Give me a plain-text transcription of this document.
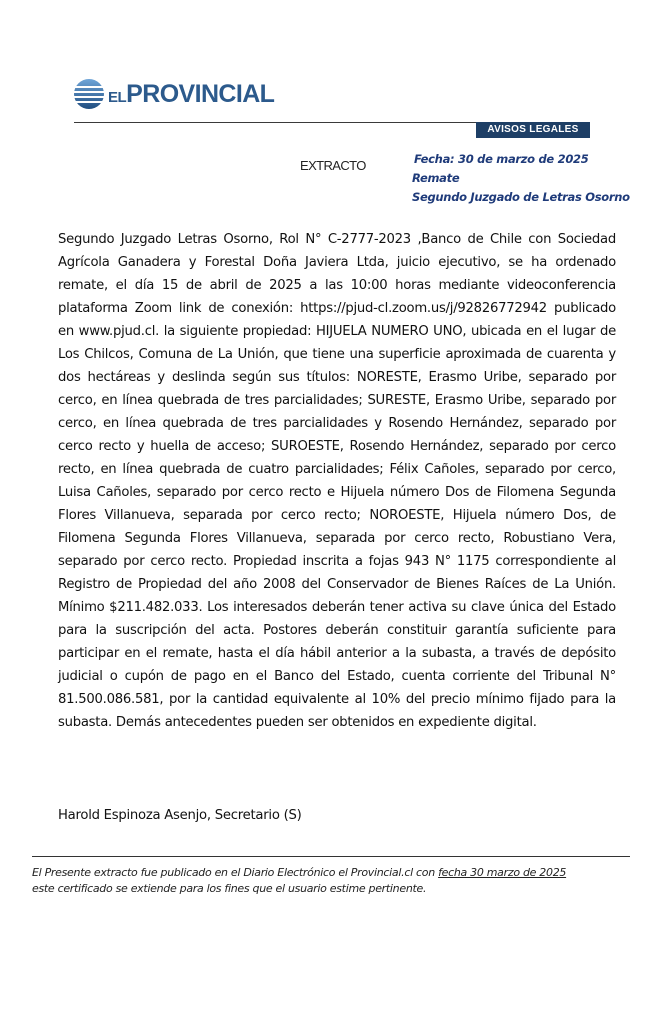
EL PROVINCIAL
AVISOS LEGALES
EXTRACTO	Fecha: 30 de marzo de 2025
Remate
Segundo Juzgado de Letras Osorno

Segundo Juzgado Letras Osorno, Rol N° C-2777-2023 ,Banco de Chile con Sociedad Agrícola Ganadera y Forestal Doña Javiera Ltda, juicio ejecutivo, se ha ordenado remate, el día 15 de abril de 2025 a las 10:00 horas mediante videoconferencia plataforma Zoom link de conexión: https://pjud-cl.zoom.us/j/92826772942 publicado en www.pjud.cl. la siguiente propiedad: HIJUELA NUMERO UNO, ubicada en el lugar de Los Chilcos, Comuna de La Unión, que tiene una superficie aproximada de cuarenta y dos hectáreas y deslinda según sus títulos: NORESTE, Erasmo Uribe, separado por cerco, en línea quebrada de tres parcialidades; SURESTE, Erasmo Uribe, separado por cerco, en línea quebrada de tres parcialidades y Rosendo Hernández, separado por cerco recto y huella de acceso; SUROESTE, Rosendo Hernández, separado por cerco recto, en línea quebrada de cuatro parcialidades; Félix Cañoles, separado por cerco, Luisa Cañoles, separado por cerco recto e Hijuela número Dos de Filomena Segunda Flores Villanueva, separada por cerco recto; NOROESTE, Hijuela número Dos, de Filomena Segunda Flores Villanueva, separada por cerco recto, Robustiano Vera, separado por cerco recto. Propiedad inscrita a fojas 943 N° 1175 correspondiente al Registro de Propiedad del año 2008 del Conservador de Bienes Raíces de La Unión. Mínimo $211.482.033. Los interesados deberán tener activa su clave única del Estado para la suscripción del acta. Postores deberán constituir garantía suficiente para participar en el remate, hasta el día hábil anterior a la subasta, a través de depósito judicial o cupón de pago en el Banco del Estado, cuenta corriente del Tribunal N° 81.500.086.581, por la cantidad equivalente al 10% del precio mínimo fijado para la subasta. Demás antecedentes pueden ser obtenidos en expediente digital.

Harold Espinoza Asenjo, Secretario (S)
El Presente extracto fue publicado en el Diario Electrónico el Provincial.cl con fecha 30 marzo de 2025
este certificado se extiende para los fines que el usuario estime pertinente.
